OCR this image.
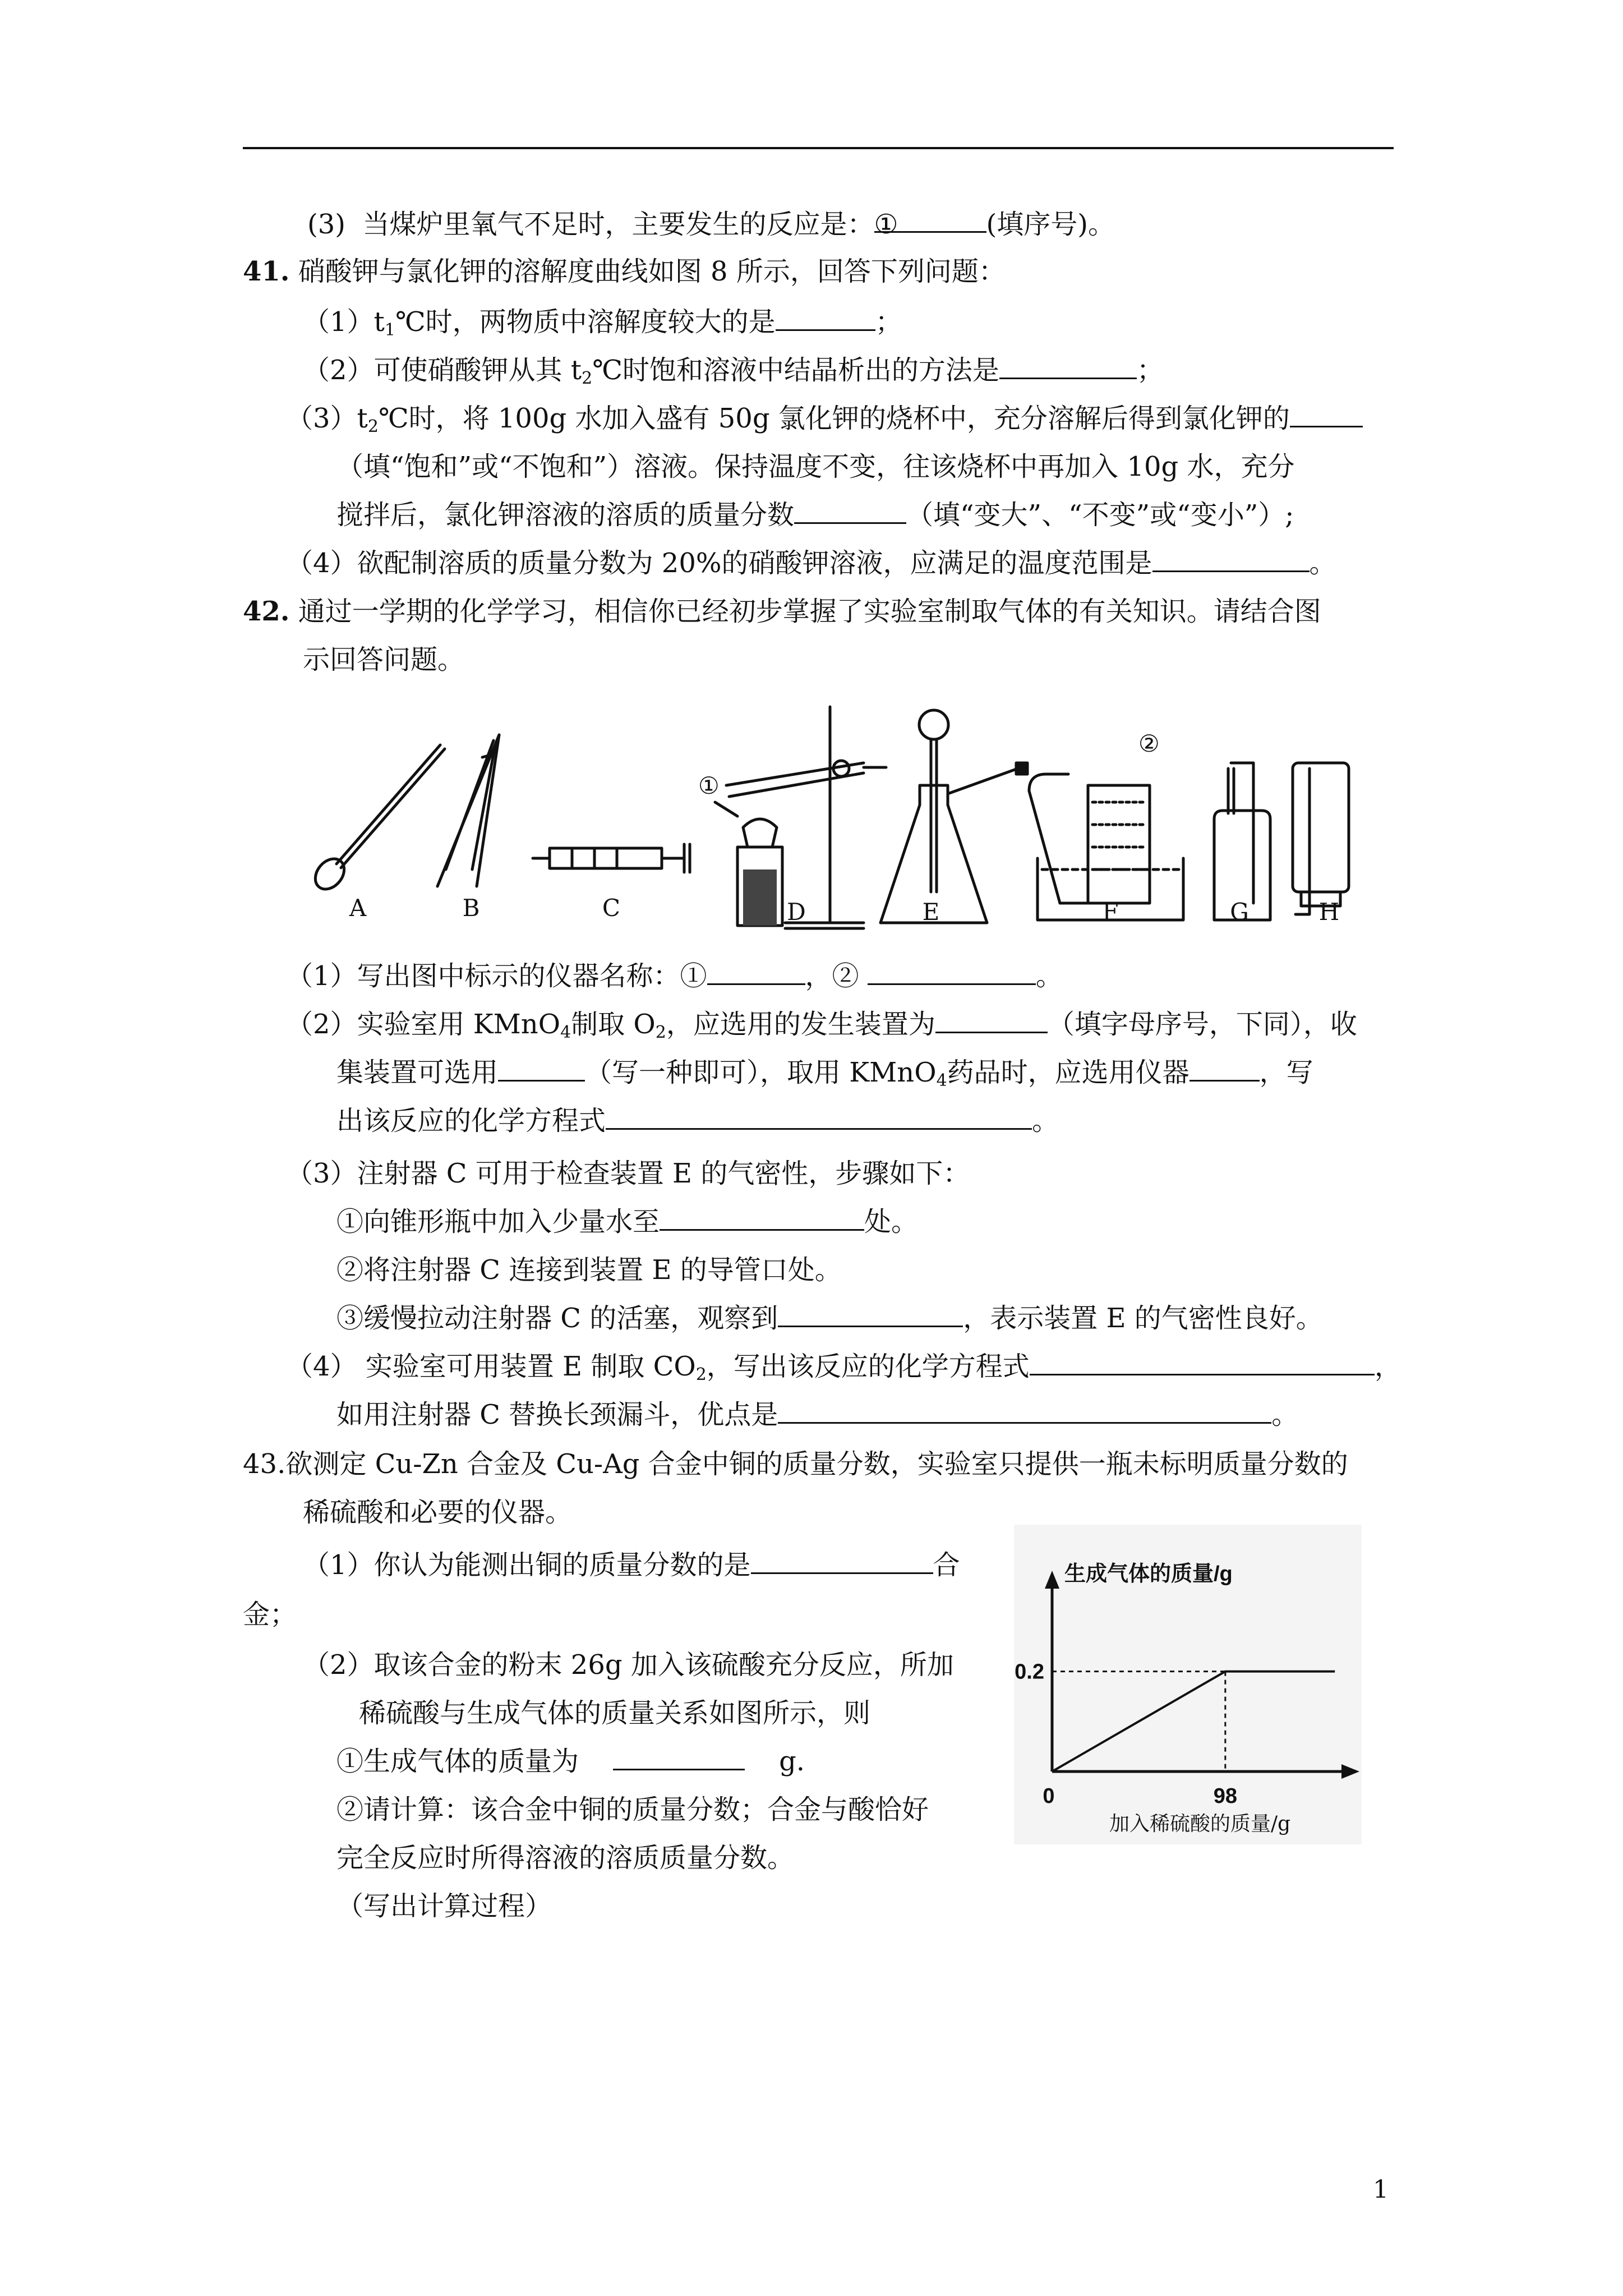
(3) 当煤炉里氧气不足时，主要发生的反应是：①	(填序号)。
41. 硝酸钾与氯化钾的溶解度曲线如图 8 所示，回答下列问题：
$(1)t_1℃$时，两物质中溶解度较大的是	；
（2）可使硝酸钾从其 $t_2℃$时饱和溶液中结晶析出的方法是	；
$(3)t_2℃$时，将 100g 水加入盛有 50g 氯化钾的烧杯中，充分溶解后得到氯化钾的
（填“饱和”或“不饱和”）溶液。保持温度不变，往该烧杯中再加入 10g 水，充分
搅拌后，氯化钾溶液的溶质的质量分数	（填“变大”、“不变”或“变小”）;
（4）欲配制溶质的质量分数为 20%的硝酸钾溶液，应满足的温度范围是	。
42. 通过一学期的化学学习，相信你已经初步掌握了实验室制取气体的有关知识。请结合图
示回答问题。
A	B	C	D	E	F	G	H
①
②
（1）写出图中标示的仪器名称：①	，②	。
（2）实验室用 KMnO$_4$制取 $O_2$，应选用的发生装置为	（填字母序号，下同），收
集装置可选用	（写一种即可），取用 KMnO$_4$药品时，应选用仪器	，写
出该反应的化学方程式	。
（3）注射器 C 可用于检查装置 E 的气密性，步骤如下：
①向锥形瓶中加入少量水至	处。
②将注射器 C 连接到装置 E 的导管口处。
③缓慢拉动注射器 C 的活塞，观察到	，表示装置 E 的气密性良好。
（4） 实验室可用装置 E 制取 $CO_2$，写出该反应的化学方程式	，
如用注射器 C 替换长颈漏斗，优点是	。
43.欲测定 Cu-Zn 合金及 Cu-Ag 合金中铜的质量分数，实验室只提供一瓶未标明质量分数的
稀硫酸和必要的仪器。
（1）你认为能测出铜的质量分数的是	合
金；
（2）取该合金的粉末 26g 加入该硫酸充分反应，所加
稀硫酸与生成气体的质量关系如图所示，则
①生成气体的质量为	g.
②请计算：该合金中铜的质量分数；合金与酸恰好
完全反应时所得溶液的溶质质量分数。
（写出计算过程）
生成气体的质量/g
0.2
0	98
加入稀硫酸的质量/g
1
